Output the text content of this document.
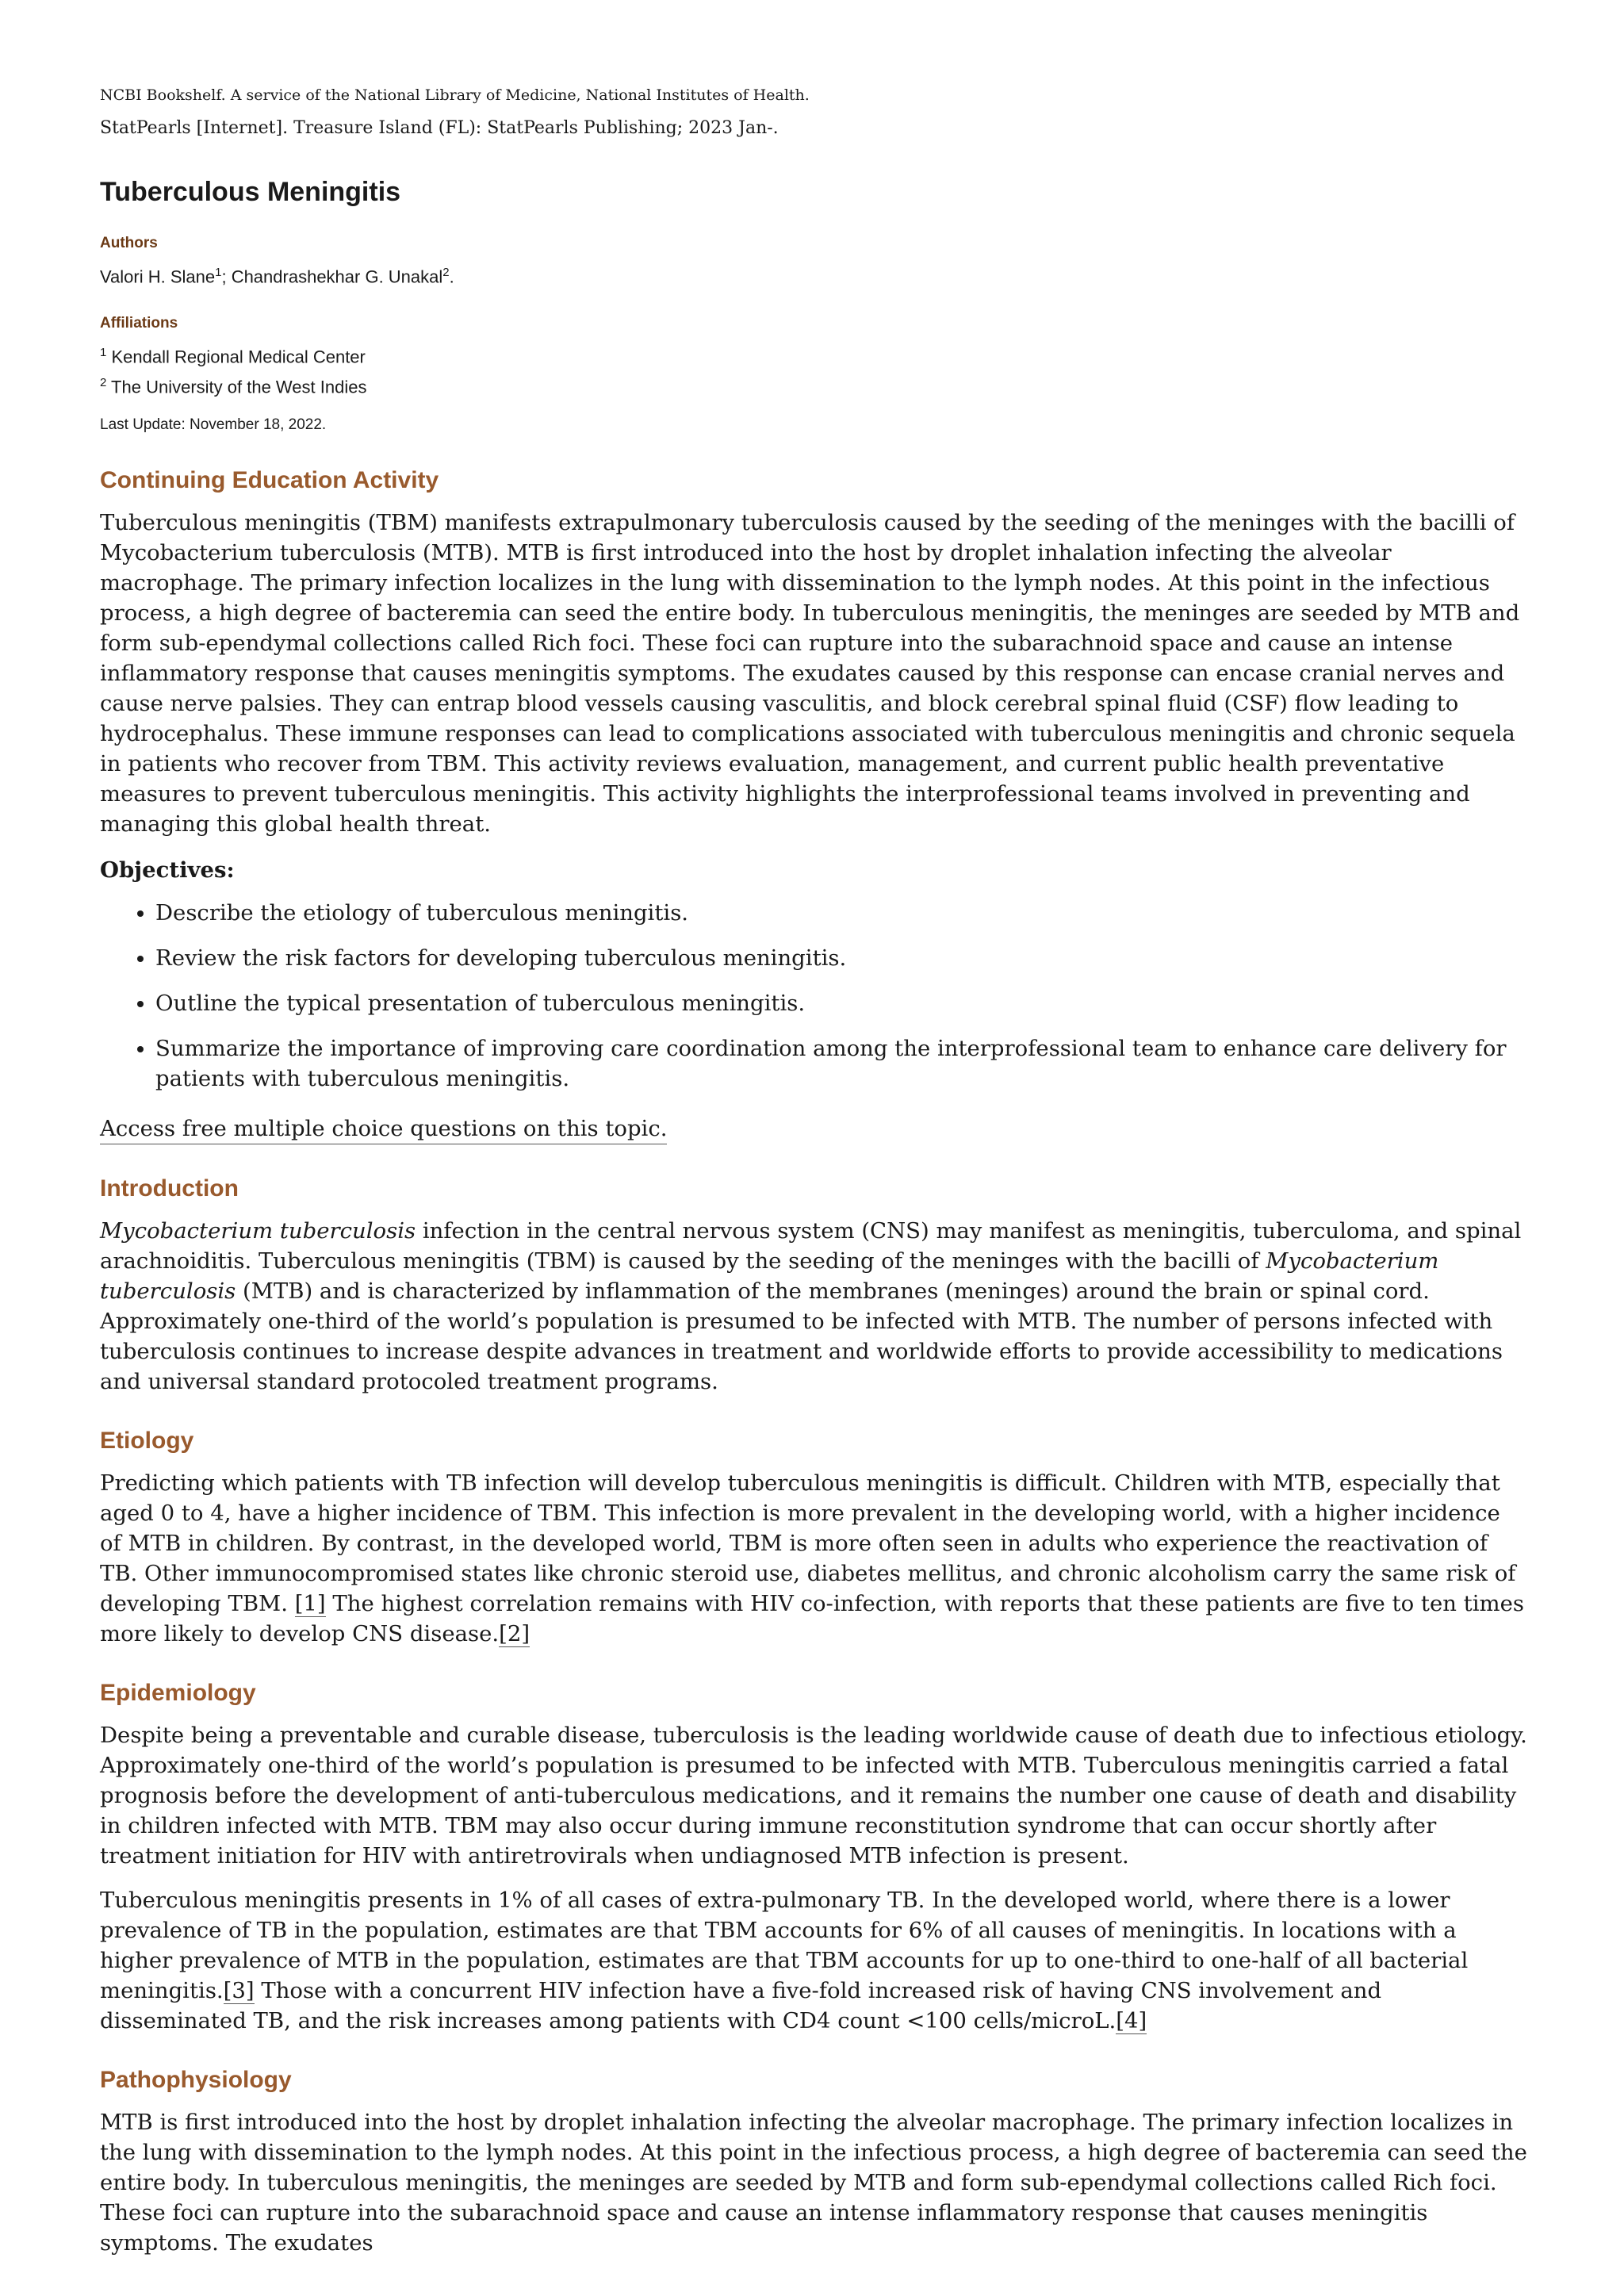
NCBI Bookshelf. A service of the National Library of Medicine, National Institutes of Health.

StatPearls [Internet]. Treasure Island (FL): StatPearls Publishing; 2023 Jan-.

Tuberculous Meningitis
Authors
Valori H. Slane$^1$; Chandrashekhar G. Unakal$^2$.
Affiliations

$^1$ Kendall Regional Medical Center

$^2$ The University of the West Indies

Last Update: November 18, 2022.

Continuing Education Activity

Tuberculous meningitis (TBM) manifests extrapulmonary tuberculosis caused by the seeding of the meninges with the bacilli of Mycobacterium tuberculosis (MTB). MTB is first introduced into the host by droplet inhalation infecting the alveolar macrophage. The primary infection localizes in the lung with dissemination to the lymph nodes. At this point in the infectious process, a high degree of bacteremia can seed the entire body. In tuberculous meningitis, the meninges are seeded by MTB and form sub-ependymal collections called Rich foci. These foci can rupture into the subarachnoid space and cause an intense inflammatory response that causes meningitis symptoms. The exudates caused by this response can encase cranial nerves and cause nerve palsies. They can entrap blood vessels causing vasculitis, and block cerebral spinal fluid (CSF) flow leading to hydrocephalus. These immune responses can lead to complications associated with tuberculous meningitis and chronic sequela in patients who recover from TBM. This activity reviews evaluation, management, and current public health preventative measures to prevent tuberculous meningitis. This activity highlights the interprofessional teams involved in preventing and managing this global health threat.

Objectives:
• Describe the etiology of tuberculous meningitis.
• Review the risk factors for developing tuberculous meningitis.
• Outline the typical presentation of tuberculous meningitis.
• Summarize the importance of improving care coordination among the interprofessional team to enhance care delivery for patients with tuberculous meningitis.
Access free multiple choice questions on this topic.
Introduction

Mycobacterium tuberculosis infection in the central nervous system (CNS) may manifest as meningitis, tuberculoma, and spinal arachnoiditis. Tuberculous meningitis (TBM) is caused by the seeding of the meninges with the bacilli of Mycobacterium tuberculosis (MTB) and is characterized by inflammation of the membranes (meninges) around the brain or spinal cord. Approximately one-third of the world’s population is presumed to be infected with MTB. The number of persons infected with tuberculosis continues to increase despite advances in treatment and worldwide efforts to provide accessibility to medications and universal standard protocoled treatment programs.

Etiology

Predicting which patients with TB infection will develop tuberculous meningitis is difficult. Children with MTB, especially that aged 0 to 4, have a higher incidence of TBM. This infection is more prevalent in the developing world, with a higher incidence of MTB in children. By contrast, in the developed world, TBM is more often seen in adults who experience the reactivation of TB. Other immunocompromised states like chronic steroid use, diabetes mellitus, and chronic alcoholism carry the same risk of developing TBM. [1] The highest correlation remains with HIV co-infection, with reports that these patients are five to ten times more likely to develop CNS disease.[2]

Epidemiology

Despite being a preventable and curable disease, tuberculosis is the leading worldwide cause of death due to infectious etiology. Approximately one-third of the world’s population is presumed to be infected with MTB. Tuberculous meningitis carried a fatal prognosis before the development of anti-tuberculous medications, and it remains the number one cause of death and disability in children infected with MTB. TBM may also occur during immune reconstitution syndrome that can occur shortly after treatment initiation for HIV with antiretrovirals when undiagnosed MTB infection is present.

Tuberculous meningitis presents in 1% of all cases of extra-pulmonary TB. In the developed world, where there is a lower prevalence of TB in the population, estimates are that TBM accounts for 6% of all causes of meningitis. In locations with a higher prevalence of MTB in the population, estimates are that TBM accounts for up to one-third to one-half of all bacterial meningitis.[3] Those with a concurrent HIV infection have a five-fold increased risk of having CNS involvement and disseminated TB, and the risk increases among patients with CD4 count <100 cells/microL.[4]

Pathophysiology

MTB is first introduced into the host by droplet inhalation infecting the alveolar macrophage. The primary infection localizes in the lung with dissemination to the lymph nodes. At this point in the infectious process, a high degree of bacteremia can seed the entire body. In tuberculous meningitis, the meninges are seeded by MTB and form sub-ependymal collections called Rich foci. These foci can rupture into the subarachnoid space and cause an intense inflammatory response that causes meningitis symptoms. The exudates
